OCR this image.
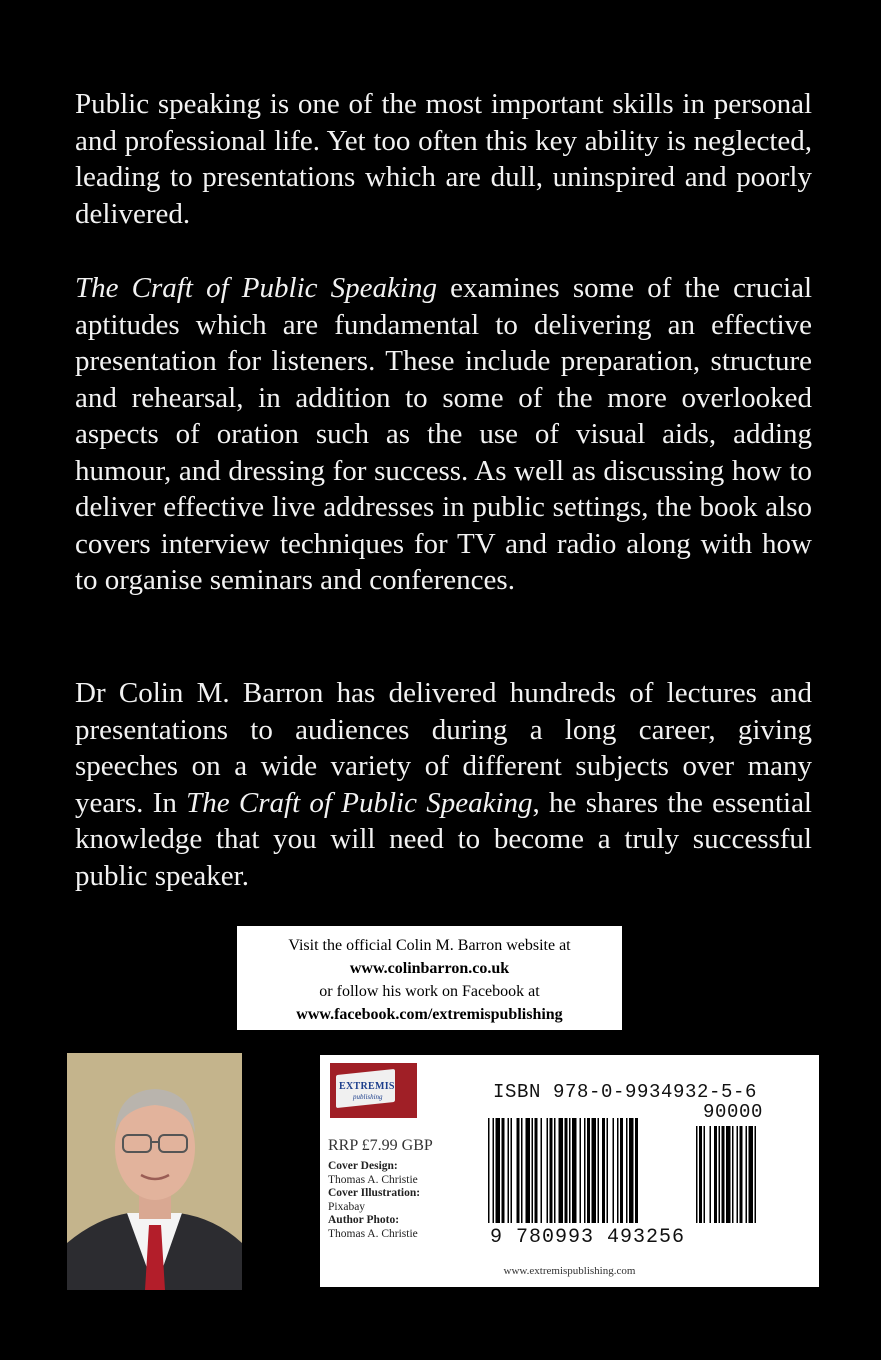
Public speaking is one of the most important skills in personal and professional life. Yet too often this key ability is neglected, leading to presentations which are dull, uninspired and poorly delivered.

The Craft of Public Speaking examines some of the crucial aptitudes which are fundamental to delivering an effective presentation for listeners. These include preparation, structure and rehearsal, in addition to some of the more overlooked aspects of oration such as the use of visual aids, adding humour, and dressing for success. As well as discussing how to deliver effective live addresses in public settings, the book also covers interview techniques for TV and radio along with how to organise seminars and conferences.

Dr Colin M. Barron has delivered hundreds of lectures and presentations to audiences during a long career, giving speeches on a wide variety of different subjects over many years. In The Craft of Public Speaking, he shares the essential knowledge that you will need to become a truly successful public speaker.

Visit the official Colin M. Barron website at
www.colinbarron.co.uk
or follow his work on Facebook at
www.facebook.com/extremispublishing
EXTREMIS
publishing
RRP £7.99 GBP
Cover Design:
Thomas A. Christie
Cover Illustration:
Pixabay
Author Photo:
Thomas A. Christie
ISBN 978-0-9934932-5-6
90000
9 780993 493256
www.extremispublishing.com
